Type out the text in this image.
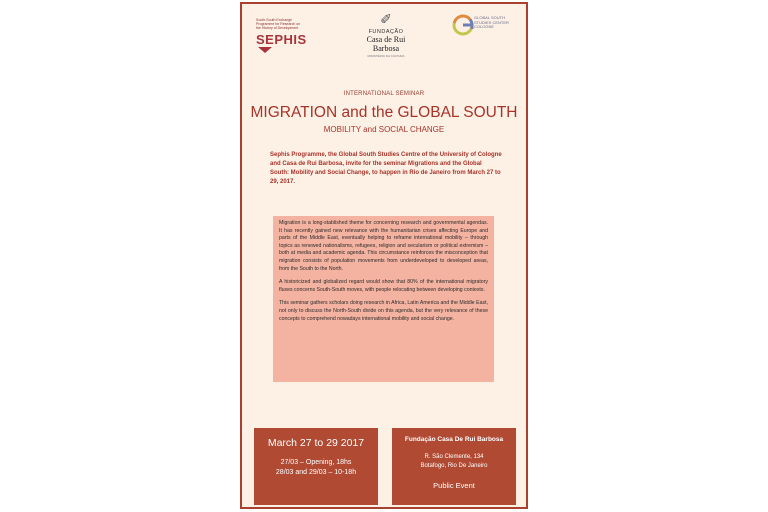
South-South Exchange
Programme for Research on
the History of Development
SEPHIS
✐
FUNDAÇÃO
Casa de Rui Barbosa
MINISTÉRIO DA CULTURA
GLOBAL SOUTH
STUDIES CENTER
COLOGNE
INTERNATIONAL SEMINAR
MIGRATION and the GLOBAL SOUTH
MOBILITY and SOCIAL CHANGE
Sephis Programme, the Global South Studies Centre of the University of Cologne and Casa de Rui Barbosa, invite for the seminar Migrations and the Global South: Mobility and Social Change, to happen in Rio de Janeiro from March 27 to 29, 2017.

Migration is a long-stablished theme for concerning research and governmental agendas. It has recently gained new relevance with the humanitarian crises affecting Europe and parts of the Middle East, eventually helping to reframe international mobility – through topics as renewed nationalisms, refugees, religion and secularism or political extremism – both at media and academic agenda. This circumstance reinforces the misconception that migration consists of population movements from underdeveloped to developed areas, from the South to the North.

A historicized and globalized regard would show that 80% of the international migratory fluxes concerns South-South moves, with people relocating between developing contexts.

This seminar gathers scholars doing research in Africa, Latin America and the Middle East, not only to discuss the North-South divide on this agenda, but the very relevance of these concepts to comprehend nowadays international mobility and social change.

March 27 to 29 2017
27/03 – Opening, 18hs
28/03 and 29/03 – 10-18h
Fundação Casa De Rui Barbosa
R. São Clemente, 134
Botafogo, Rio De Janeiro
Public Event
